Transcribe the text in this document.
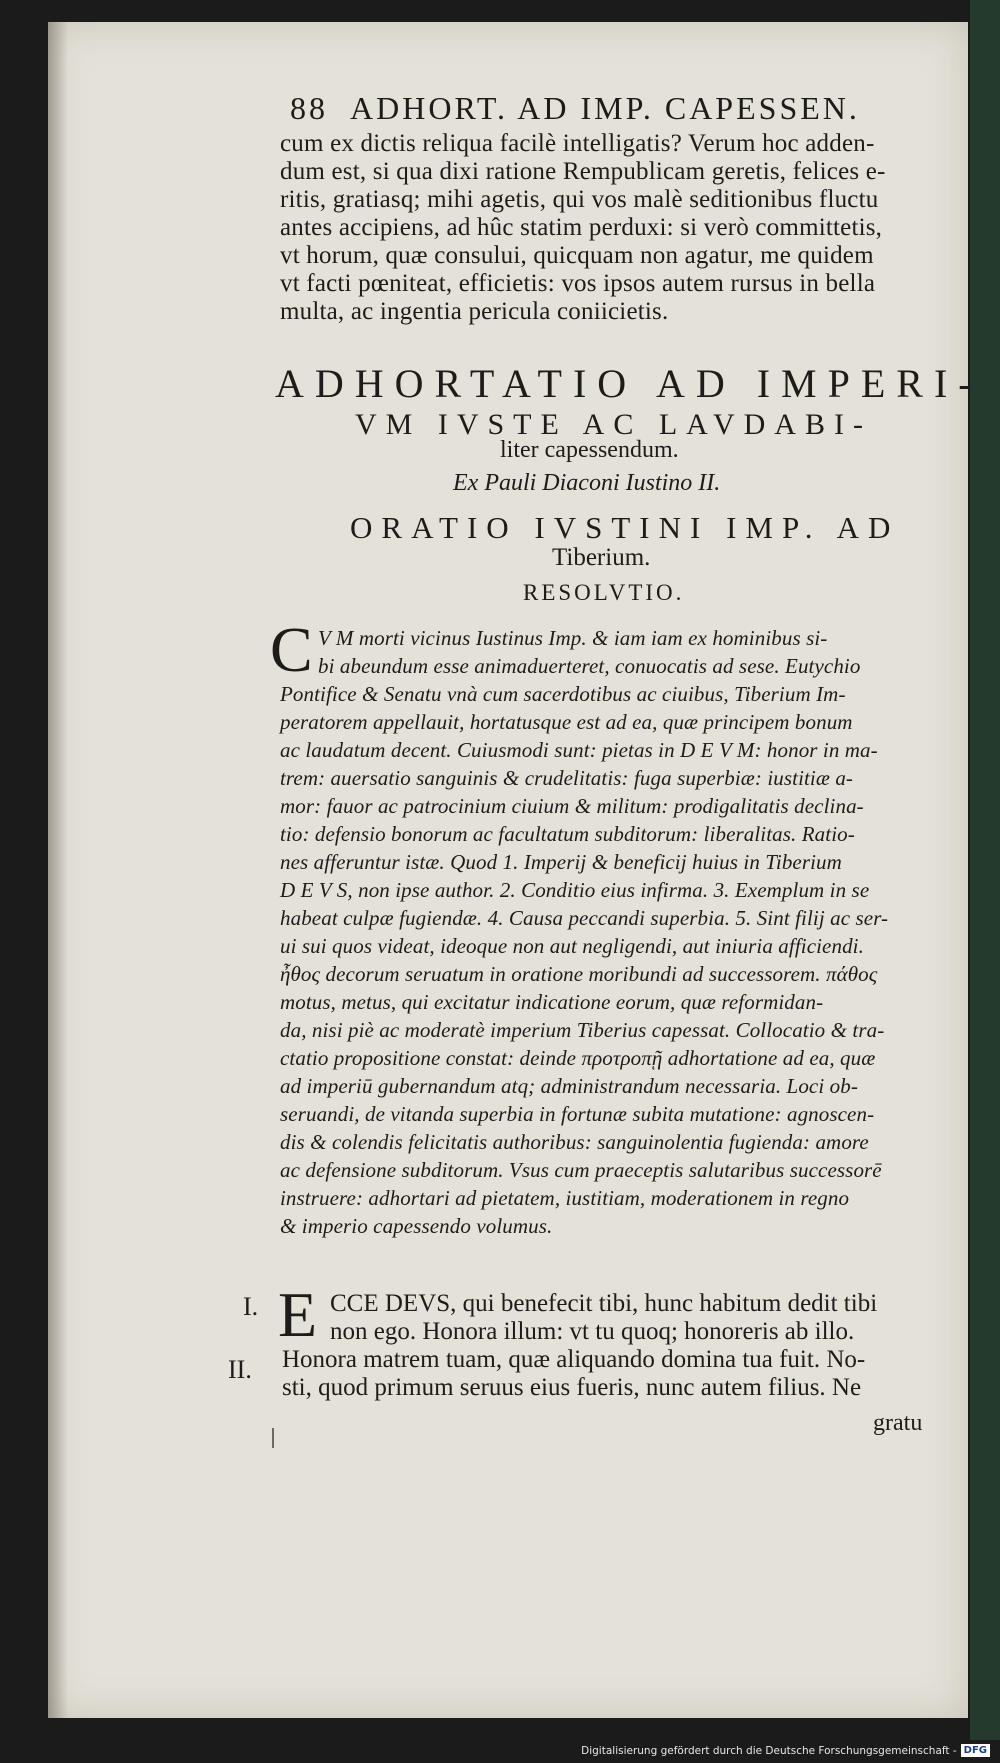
88 ADHORT. AD IMP. CAPESSEN.
cum ex dictis reliqua facilè intelligatis? Verum hoc adden-
dum est, si qua dixi ratione Rempublicam geretis, felices e-
ritis, gratiasq; mihi agetis, qui vos malè seditionibus fluctu
antes accipiens, ad hûc statim perduxi: si verò committetis,
vt horum, quæ consului, quicquam non agatur, me quidem
vt facti pœniteat, efficietis: vos ipsos autem rursus in bella
multa, ac ingentia pericula coniicietis.
ADHORTATIO AD IMPERI-
VM IVSTE AC LAVDABI-
liter capessendum.
Ex Pauli Diaconi Iustino II.
ORATIO IVSTINI IMP. AD
Tiberium.
RESOLVTIO.
C V M morti vicinus Iustinus Imp. & iam iam ex hominibus si-
bi abeundum esse animaduerteret, conuocatis ad sese. Eutychio
Pontifice & Senatu vnà cum sacerdotibus ac ciuibus, Tiberium Im-
peratorem appellauit, hortatusque est ad ea, quæ principem bonum
ac laudatum decent. Cuiusmodi sunt: pietas in D E V M: honor in ma-
trem: auersatio sanguinis & crudelitatis: fuga superbiæ: iustitiæ a-
mor: fauor ac patrocinium ciuium & militum: prodigalitatis declina-
tio: defensio bonorum ac facultatum subditorum: liberalitas. Ratio-
nes afferuntur istæ. Quod 1. Imperij & beneficij huius in Tiberium
D E V S, non ipse author. 2. Conditio eius infirma. 3. Exemplum in se
habeat culpæ fugiendæ. 4. Causa peccandi superbia. 5. Sint filij ac ser-
ui sui quos videat, ideoque non aut negligendi, aut iniuria afficiendi.
ἦθος decorum seruatum in oratione moribundi ad successorem. πάθος
motus, metus, qui excitatur indicatione eorum, quæ reformidan-
da, nisi piè ac moderatè imperium Tiberius capessat. Collocatio & tra-
ctatio propositione constat: deinde προτροπῇ adhortatione ad ea, quæ
ad imperiū gubernandum atq; administrandum necessaria. Loci ob-
seruandi, de vitanda superbia in fortunæ subita mutatione: agnoscen-
dis & colendis felicitatis authoribus: sanguinolentia fugienda: amore
ac defensione subditorum. Vsus cum praeceptis salutaribus successorē
instruere: adhortari ad pietatem, iustitiam, moderationem in regno
& imperio capessendo volumus.
I.
II.
E CCE DEVS, qui benefecit tibi, hunc habitum dedit tibi
non ego. Honora illum: vt tu quoq; honoreris ab illo.
Honora matrem tuam, quæ aliquando domina tua fuit. No-
sti, quod primum seruus eius fueris, nunc autem filius. Ne
gratu
Digitalisierung gefördert durch die Deutsche Forschungsgemeinschaft - DFG
